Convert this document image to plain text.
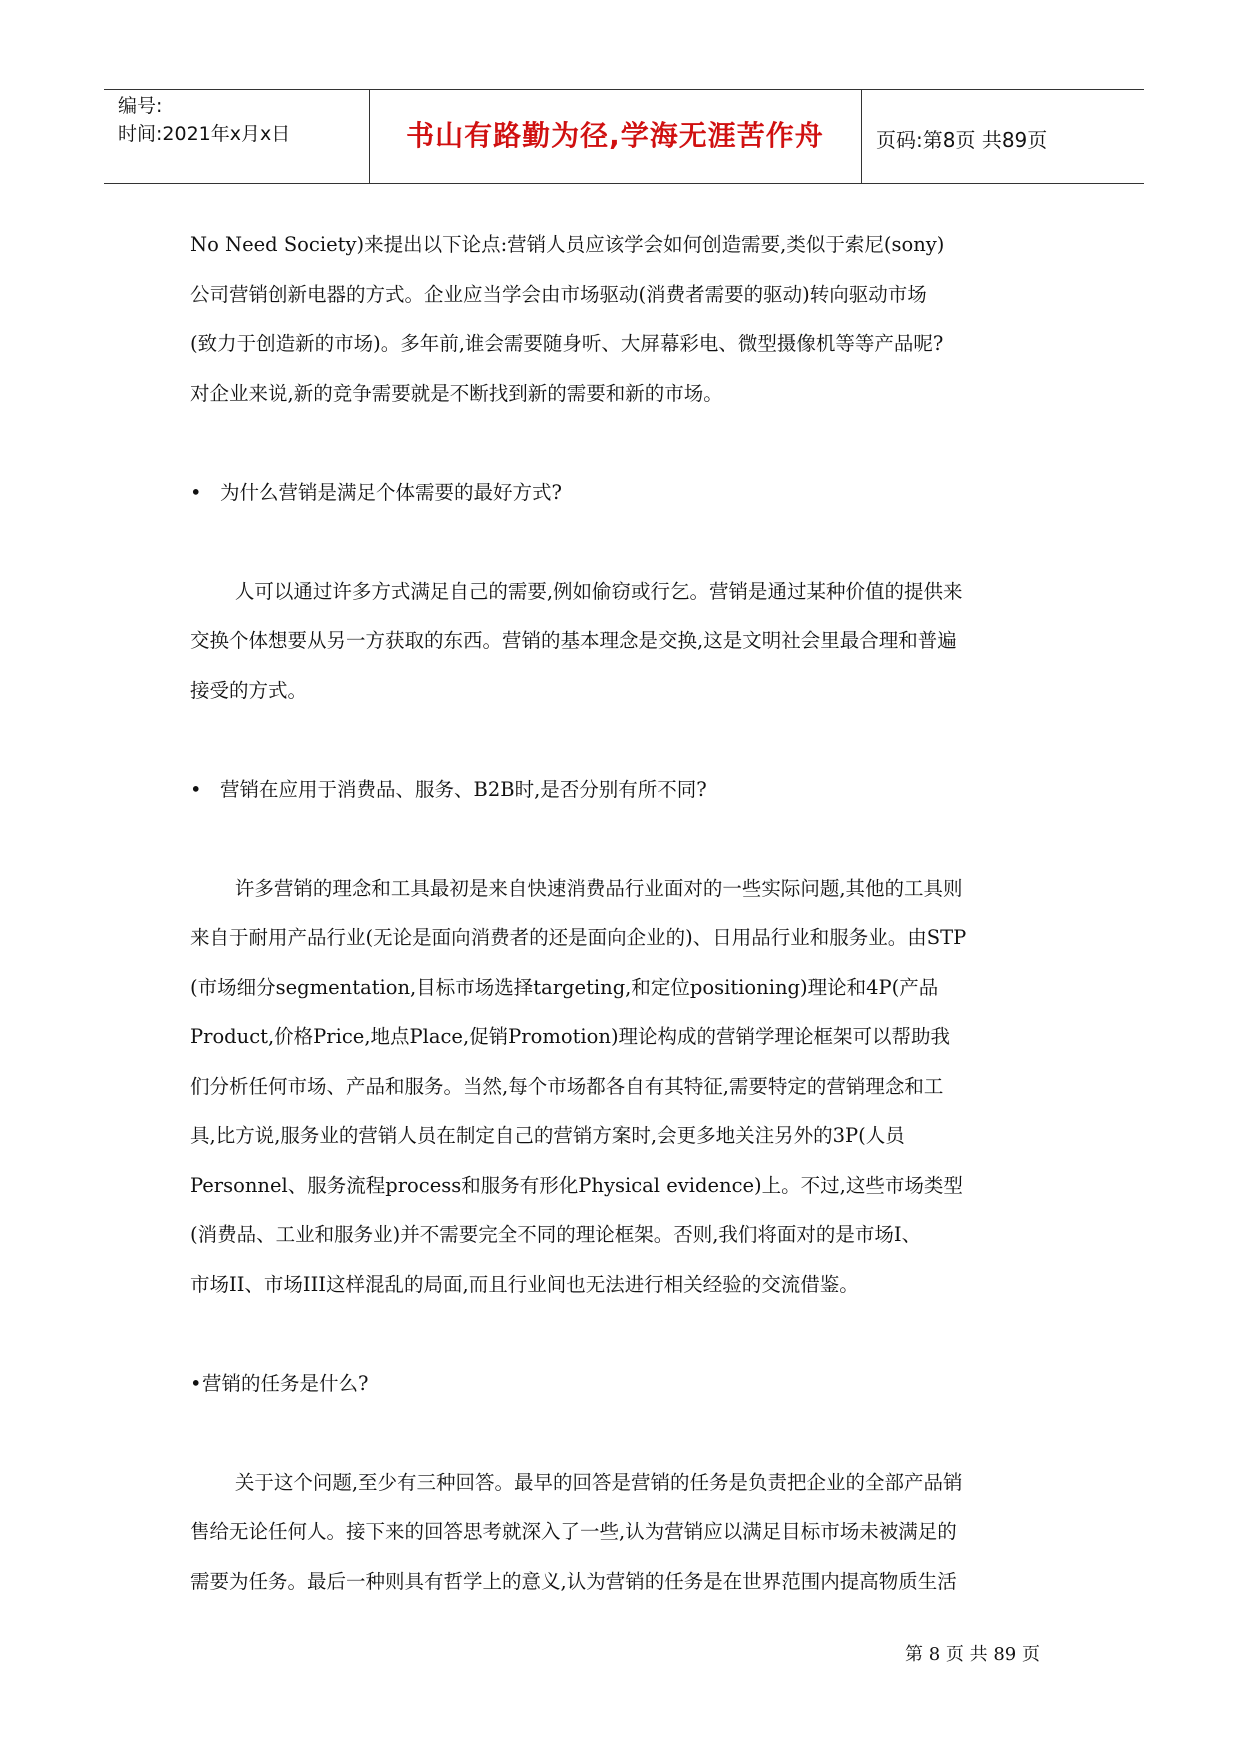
编号:
时间:2021年x月x日	书山有路勤为径,学海无涯苦作舟	页码:第8页 共89页

No Need Society)来提出以下论点:营销人员应该学会如何创造需要,类似于索尼(sony)

公司营销创新电器的方式。企业应当学会由市场驱动(消费者需要的驱动)转向驱动市场

(致力于创造新的市场)。多年前,谁会需要随身听、大屏幕彩电、微型摄像机等等产品呢?

对企业来说,新的竞争需要就是不断找到新的需要和新的市场。

• 为什么营销是满足个体需要的最好方式?

人可以通过许多方式满足自己的需要,例如偷窃或行乞。营销是通过某种价值的提供来

交换个体想要从另一方获取的东西。营销的基本理念是交换,这是文明社会里最合理和普遍

接受的方式。

• 营销在应用于消费品、服务、B2B时,是否分别有所不同?

许多营销的理念和工具最初是来自快速消费品行业面对的一些实际问题,其他的工具则

来自于耐用产品行业(无论是面向消费者的还是面向企业的)、日用品行业和服务业。由STP

(市场细分segmentation,目标市场选择targeting,和定位positioning)理论和4P(产品

Product,价格Price,地点Place,促销Promotion)理论构成的营销学理论框架可以帮助我

们分析任何市场、产品和服务。当然,每个市场都各自有其特征,需要特定的营销理念和工

具,比方说,服务业的营销人员在制定自己的营销方案时,会更多地关注另外的3P(人员

Personnel、服务流程process和服务有形化Physical evidence)上。不过,这些市场类型

(消费品、工业和服务业)并不需要完全不同的理论框架。否则,我们将面对的是市场I、

市场II、市场III这样混乱的局面,而且行业间也无法进行相关经验的交流借鉴。

•营销的任务是什么?

关于这个问题,至少有三种回答。最早的回答是营销的任务是负责把企业的全部产品销

售给无论任何人。接下来的回答思考就深入了一些,认为营销应以满足目标市场未被满足的

需要为任务。最后一种则具有哲学上的意义,认为营销的任务是在世界范围内提高物质生活

第 8 页 共 89 页
